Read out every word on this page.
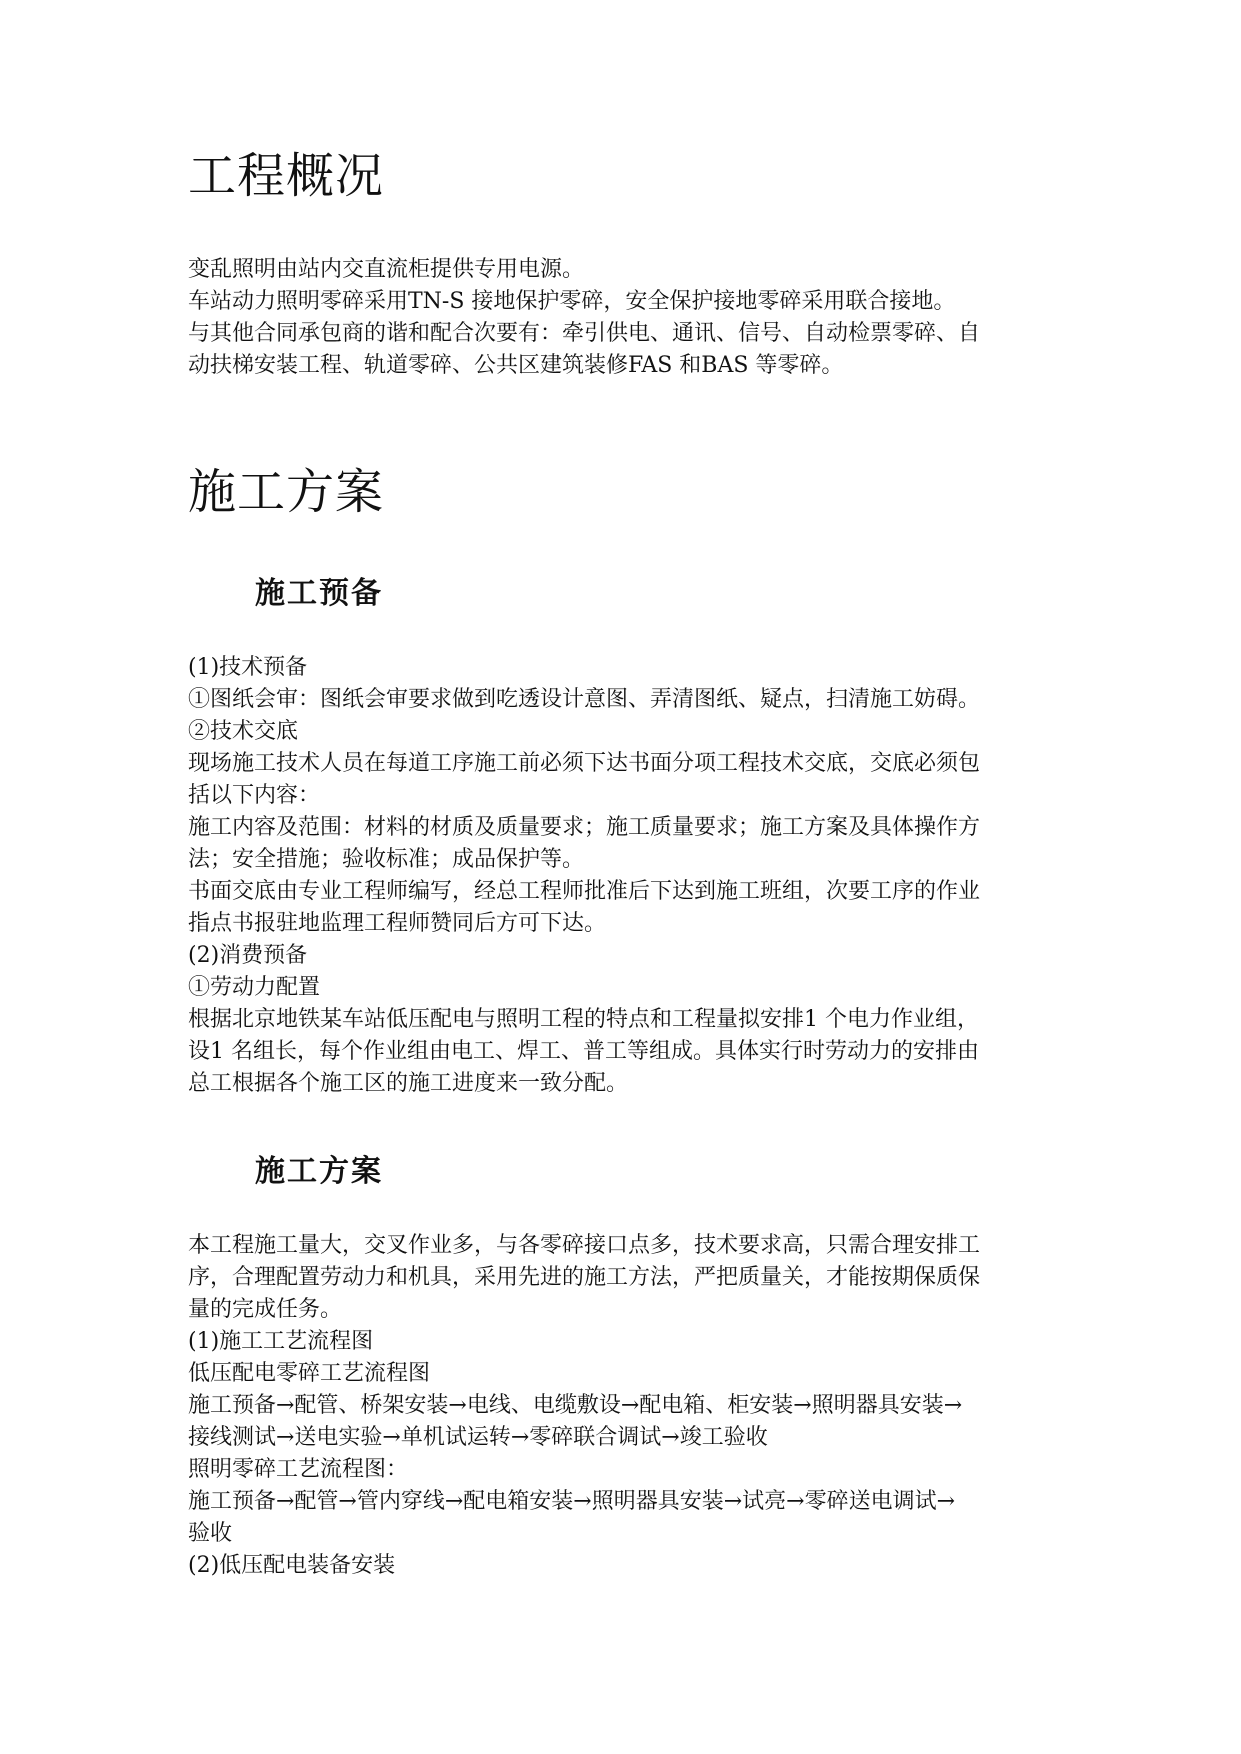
工程概况
变乱照明由站内交直流柜提供专用电源。
车站动力照明零碎采用TN-S 接地保护零碎，安全保护接地零碎采用联合接地。
与其他合同承包商的谐和配合次要有：牵引供电、通讯、信号、自动检票零碎、自
动扶梯安装工程、轨道零碎、公共区建筑装修FAS 和BAS 等零碎。
施工方案
施工预备
(1)技术预备
①图纸会审：图纸会审要求做到吃透设计意图、弄清图纸、疑点，扫清施工妨碍。
②技术交底
现场施工技术人员在每道工序施工前必须下达书面分项工程技术交底，交底必须包
括以下内容：
施工内容及范围：材料的材质及质量要求；施工质量要求；施工方案及具体操作方
法；安全措施；验收标准；成品保护等。
书面交底由专业工程师编写，经总工程师批准后下达到施工班组，次要工序的作业
指点书报驻地监理工程师赞同后方可下达。
(2)消费预备
①劳动力配置
根据北京地铁某车站低压配电与照明工程的特点和工程量拟安排1 个电力作业组，
设1 名组长，每个作业组由电工、焊工、普工等组成。具体实行时劳动力的安排由
总工根据各个施工区的施工进度来一致分配。
施工方案
本工程施工量大，交叉作业多，与各零碎接口点多，技术要求高，只需合理安排工
序，合理配置劳动力和机具，采用先进的施工方法，严把质量关，才能按期保质保
量的完成任务。
(1)施工工艺流程图
低压配电零碎工艺流程图
施工预备→配管、桥架安装→电线、电缆敷设→配电箱、柜安装→照明器具安装→
接线测试→送电实验→单机试运转→零碎联合调试→竣工验收
照明零碎工艺流程图：
施工预备→配管→管内穿线→配电箱安装→照明器具安装→试亮→零碎送电调试→
验收
(2)低压配电装备安装
